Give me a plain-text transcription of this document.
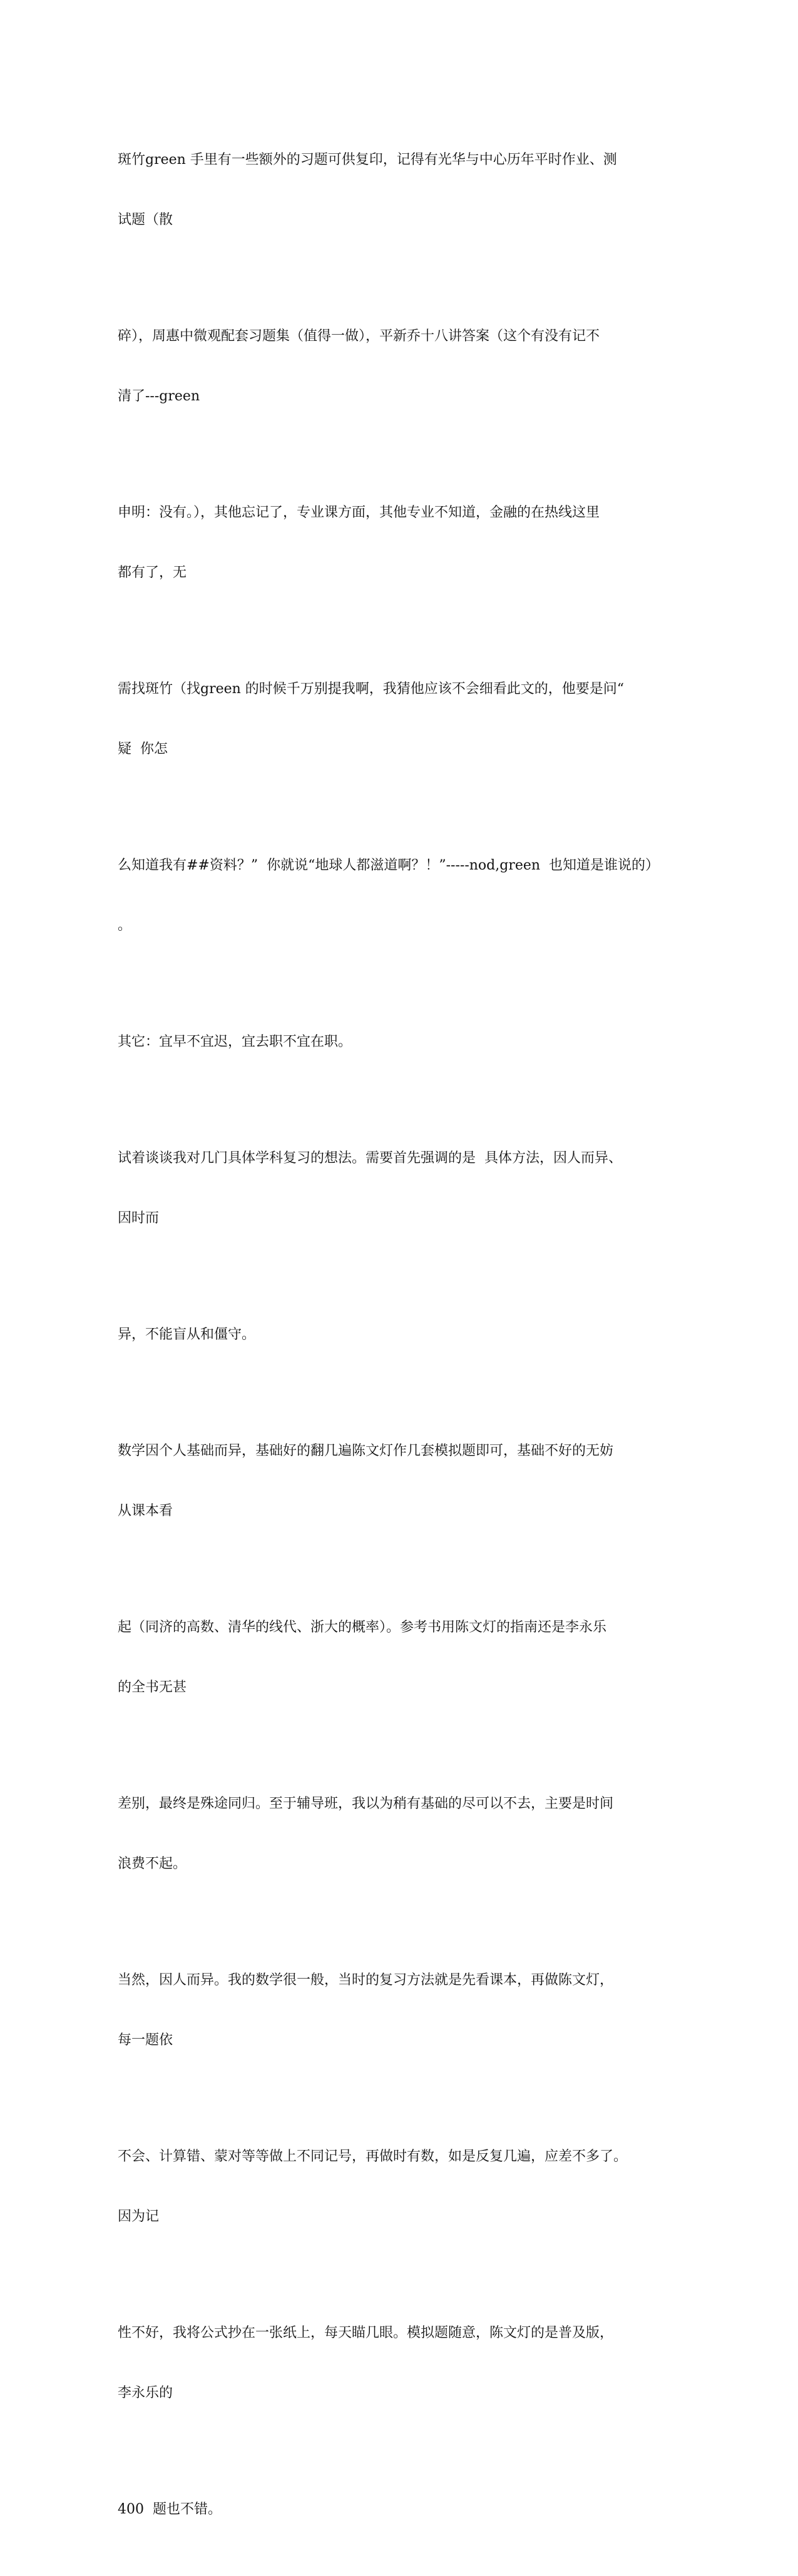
斑竹green 手里有一些额外的习题可供复印，记得有光华与中心历年平时作业、测

试题（散

碎），周惠中微观配套习题集（值得一做），平新乔十八讲答案（这个有没有记不

清了---green

申明：没有。），其他忘记了，专业课方面，其他专业不知道，金融的在热线这里

都有了，无

需找斑竹（找green 的时候千万别提我啊，我猜他应该不会细看此文的，他要是问“

疑  你怎

么知道我有##资料？”  你就说“地球人都滋道啊？！”-----nod,green  也知道是谁说的）

。

其它：宜早不宜迟，宜去职不宜在职。

试着谈谈我对几门具体学科复习的想法。需要首先强调的是  具体方法，因人而异、

因时而

异，不能盲从和僵守。

数学因个人基础而异，基础好的翻几遍陈文灯作几套模拟题即可，基础不好的无妨

从课本看

起（同济的高数、清华的线代、浙大的概率）。参考书用陈文灯的指南还是李永乐

的全书无甚

差别，最终是殊途同归。至于辅导班，我以为稍有基础的尽可以不去，主要是时间

浪费不起。

当然，因人而异。我的数学很一般，当时的复习方法就是先看课本，再做陈文灯，

每一题依

不会、计算错、蒙对等等做上不同记号，再做时有数，如是反复几遍，应差不多了。

因为记

性不好，我将公式抄在一张纸上，每天瞄几眼。模拟题随意，陈文灯的是普及版，

李永乐的

400  题也不错。
